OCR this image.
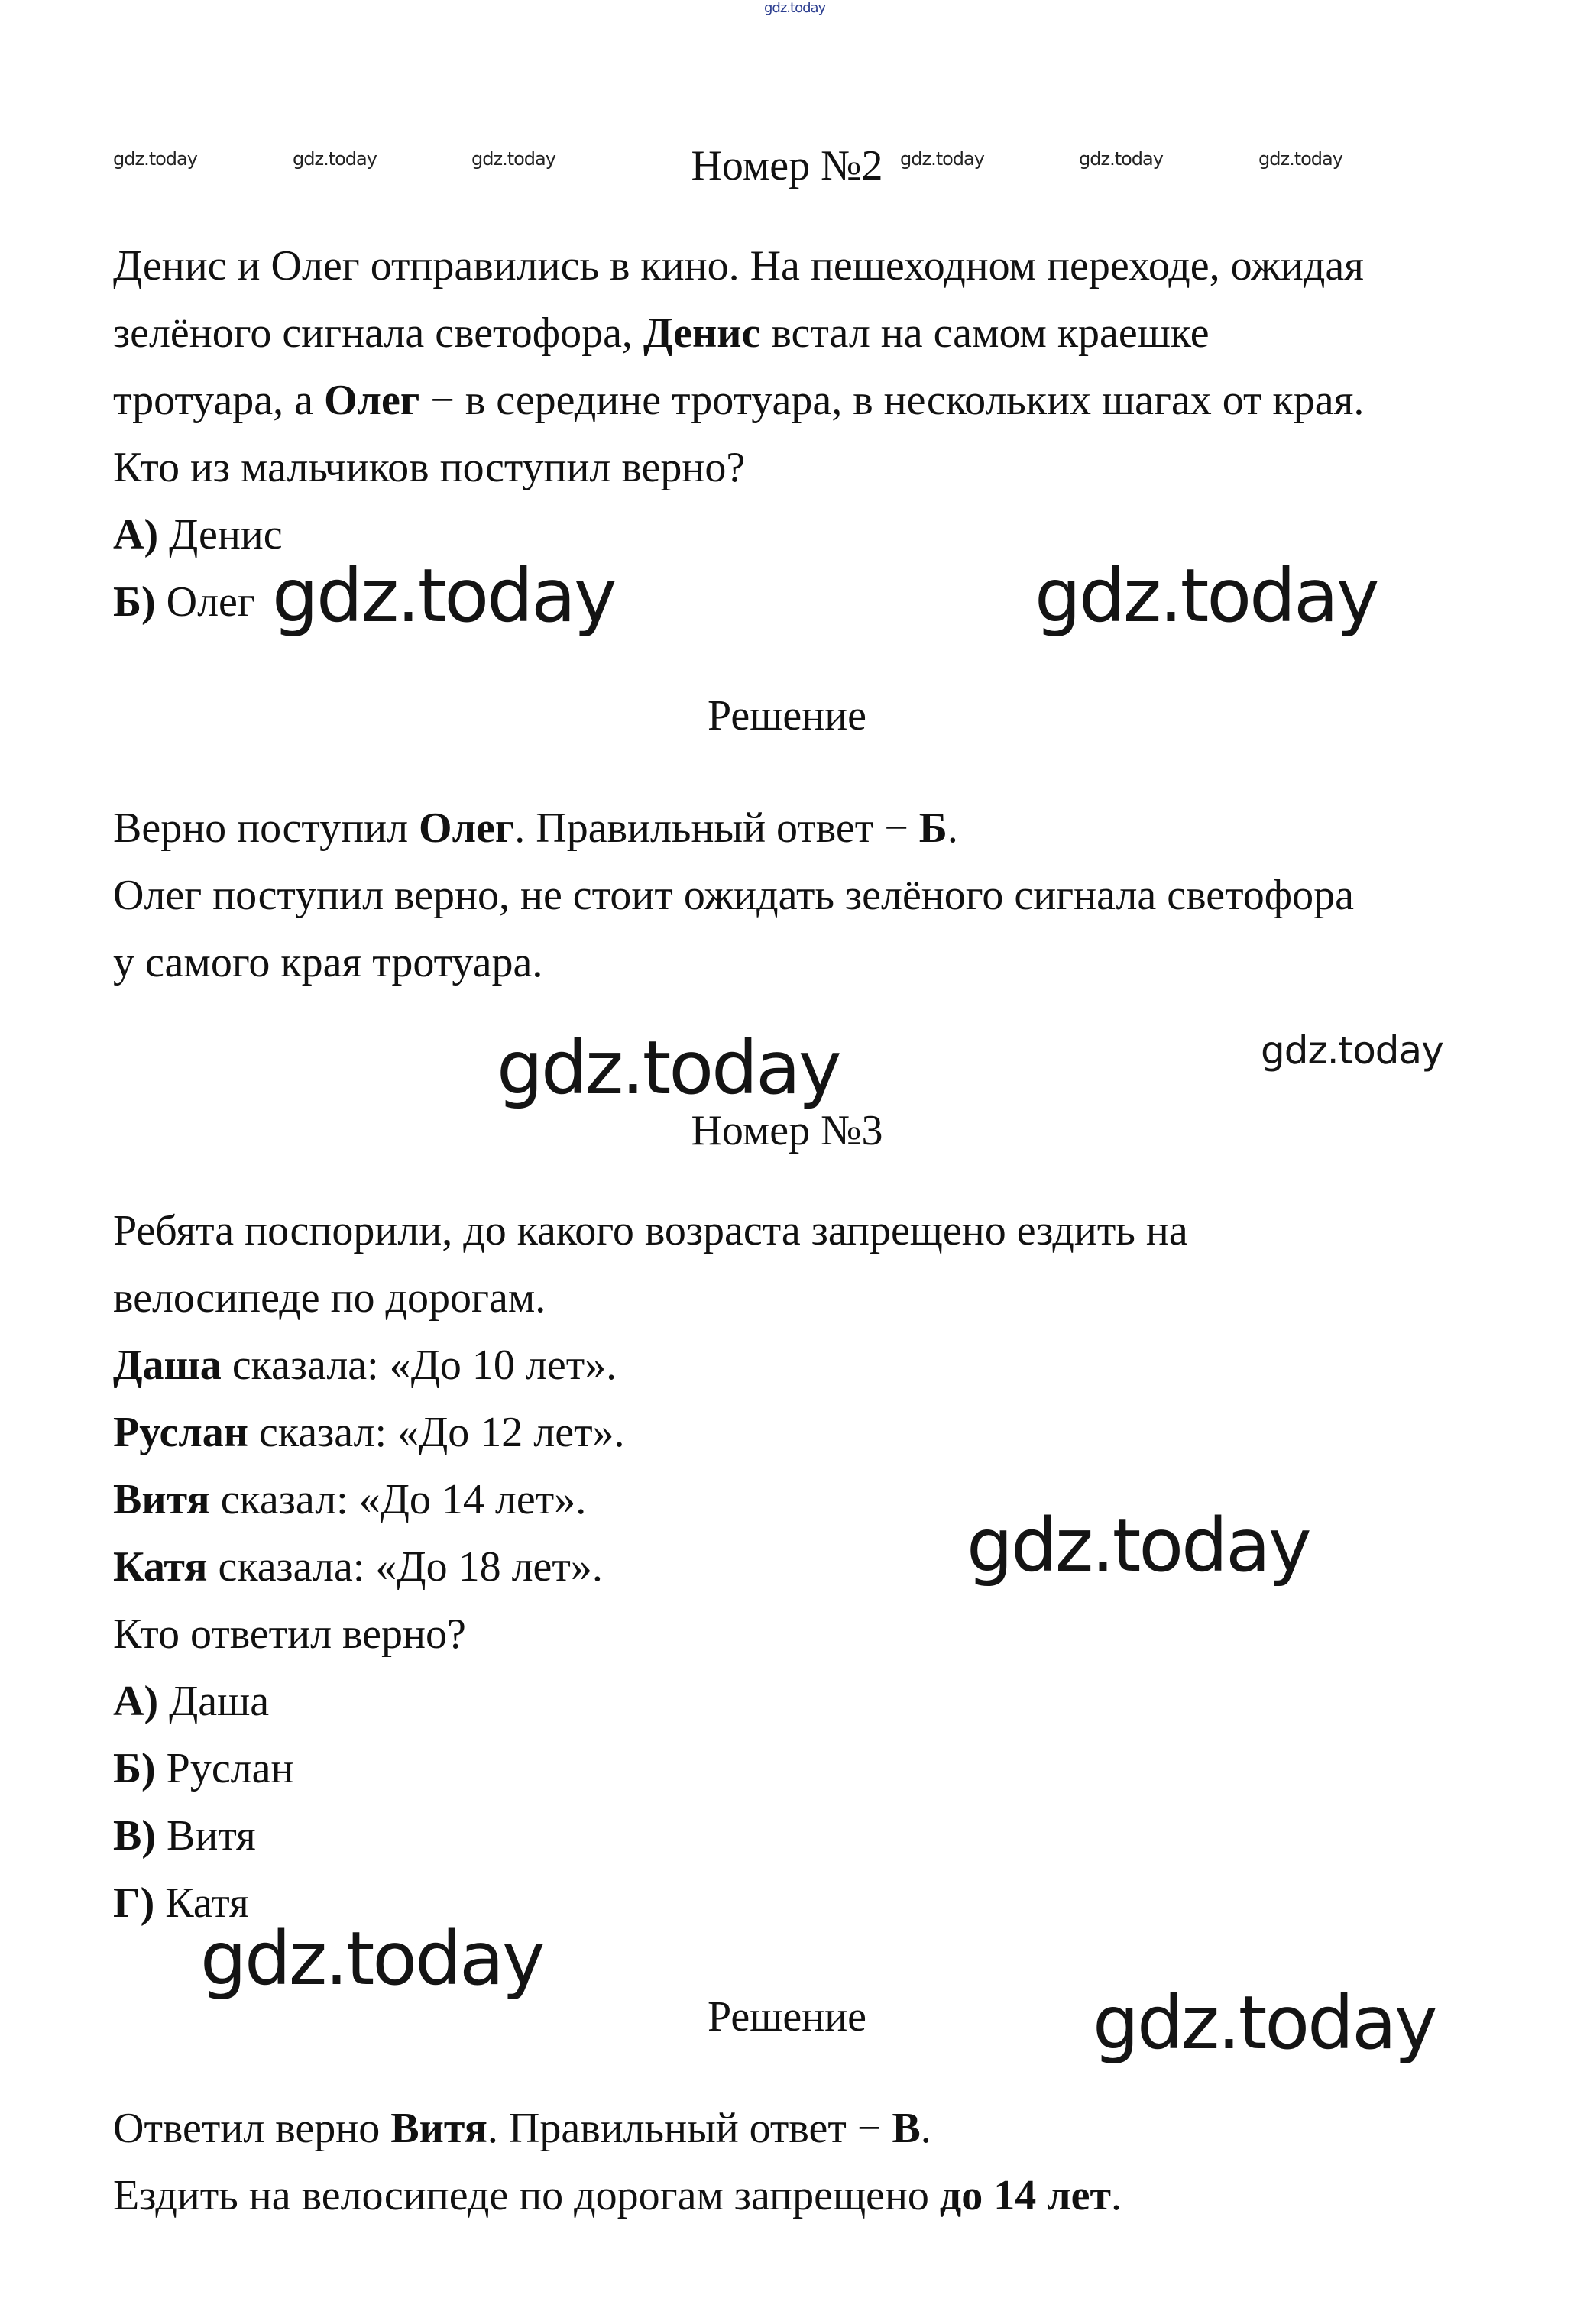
gdz.today
gdz.today	gdz.today	gdz.today	gdz.today	gdz.today	gdz.today
gdz.today	gdz.today
gdz.today	gdz.today
gdz.today
gdz.today
gdz.today
Номер №2

Денис и Олег отправились в кино. На пешеходном переходе, ожидая

зелёного сигнала светофора, Денис встал на самом краешке

тротуара, а Олег − в середине тротуара, в нескольких шагах от края.

Кто из мальчиков поступил верно?

А) Денис

Б) Олег

Решение

Верно поступил Олег. Правильный ответ − Б.

Олег поступил верно, не стоит ожидать зелёного сигнала светофора

у самого края тротуара.

Номер №3

Ребята поспорили, до какого возраста запрещено ездить на

велосипеде по дорогам.

Даша сказала: «До 10 лет».

Руслан сказал: «До 12 лет».

Витя сказал: «До 14 лет».

Катя сказала: «До 18 лет».

Кто ответил верно?

А) Даша

Б) Руслан

В) Витя

Г) Катя

Решение

Ответил верно Витя. Правильный ответ − В.

Ездить на велосипеде по дорогам запрещено до 14 лет.
